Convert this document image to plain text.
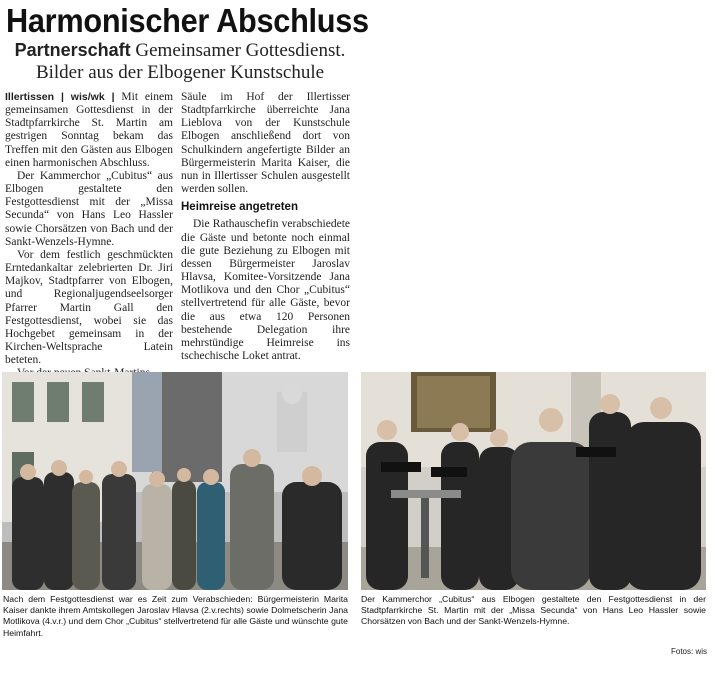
Harmonischer Abschluss
Partnerschaft Gemeinsamer Gottesdienst.
Bilder aus der Elbogener Kunstschule

Illertissen | wis/wk | Mit einem gemeinsamen Gottesdienst in der Stadtpfarrkirche St. Martin am gestrigen Sonntag bekam das Treffen mit den Gästen aus Elbogen einen harmonischen Abschluss.

Der Kammerchor „Cubitus“ aus Elbogen gestaltete den Festgottesdienst mit der „Missa Secunda“ von Hans Leo Hassler sowie Chorsätzen von Bach und der Sankt-Wenzels-Hymne.

Vor dem festlich geschmückten Erntedankaltar zelebrierten Dr. Jiri Majkov, Stadtpfarrer von Elbogen, und Regionaljugendseelsorger Pfarrer Martin Gall den Festgottesdienst, wobei sie das Hochgebet gemeinsam in der Kirchen-Weltsprache Latein beteten.

Säule im Hof der Illertisser Stadtpfarrkirche überreichte Jana Lieblova von der Kunstschule Elbogen anschließend dort von Schulkindern angefertigte Bilder an Bürgermeisterin Marita Kaiser, die nun in Illertisser Schulen ausgestellt werden sollen.

Heimreise angetreten

Die Rathauschefin verabschiedete die Gäste und betonte noch einmal die gute Beziehung zu Elbogen mit dessen Bürgermeister Jaroslav Hlavsa, Komitee-Vorsitzende Jana Motlikova und den Chor „Cubitus“ stellvertretend für alle Gäste, bevor die aus etwa 120 Personen bestehende Delegation ihre mehrstündige Heimreise ins tschechische Loket antrat.

Nach dem Festgottesdienst war es Zeit zum Verabschieden: Bürgermeisterin Marita Kaiser dankte ihrem Amtskollegen Jaroslav Hlavsa (2.v.rechts) sowie Dolmetscherin Jana Motlikova (4.v.r.) und dem Chor „Cubitus“ stellvertretend für alle Gäste und wünschte gute Heimfahrt.
Der Kammerchor „Cubitus“ aus Elbogen gestaltete den Festgottesdienst in der Stadtpfarrkirche St. Martin mit der „Missa Secunda“ von Hans Leo Hassler sowie Chorsätzen von Bach und der Sankt-Wenzels-Hymne.
Fotos: wis
